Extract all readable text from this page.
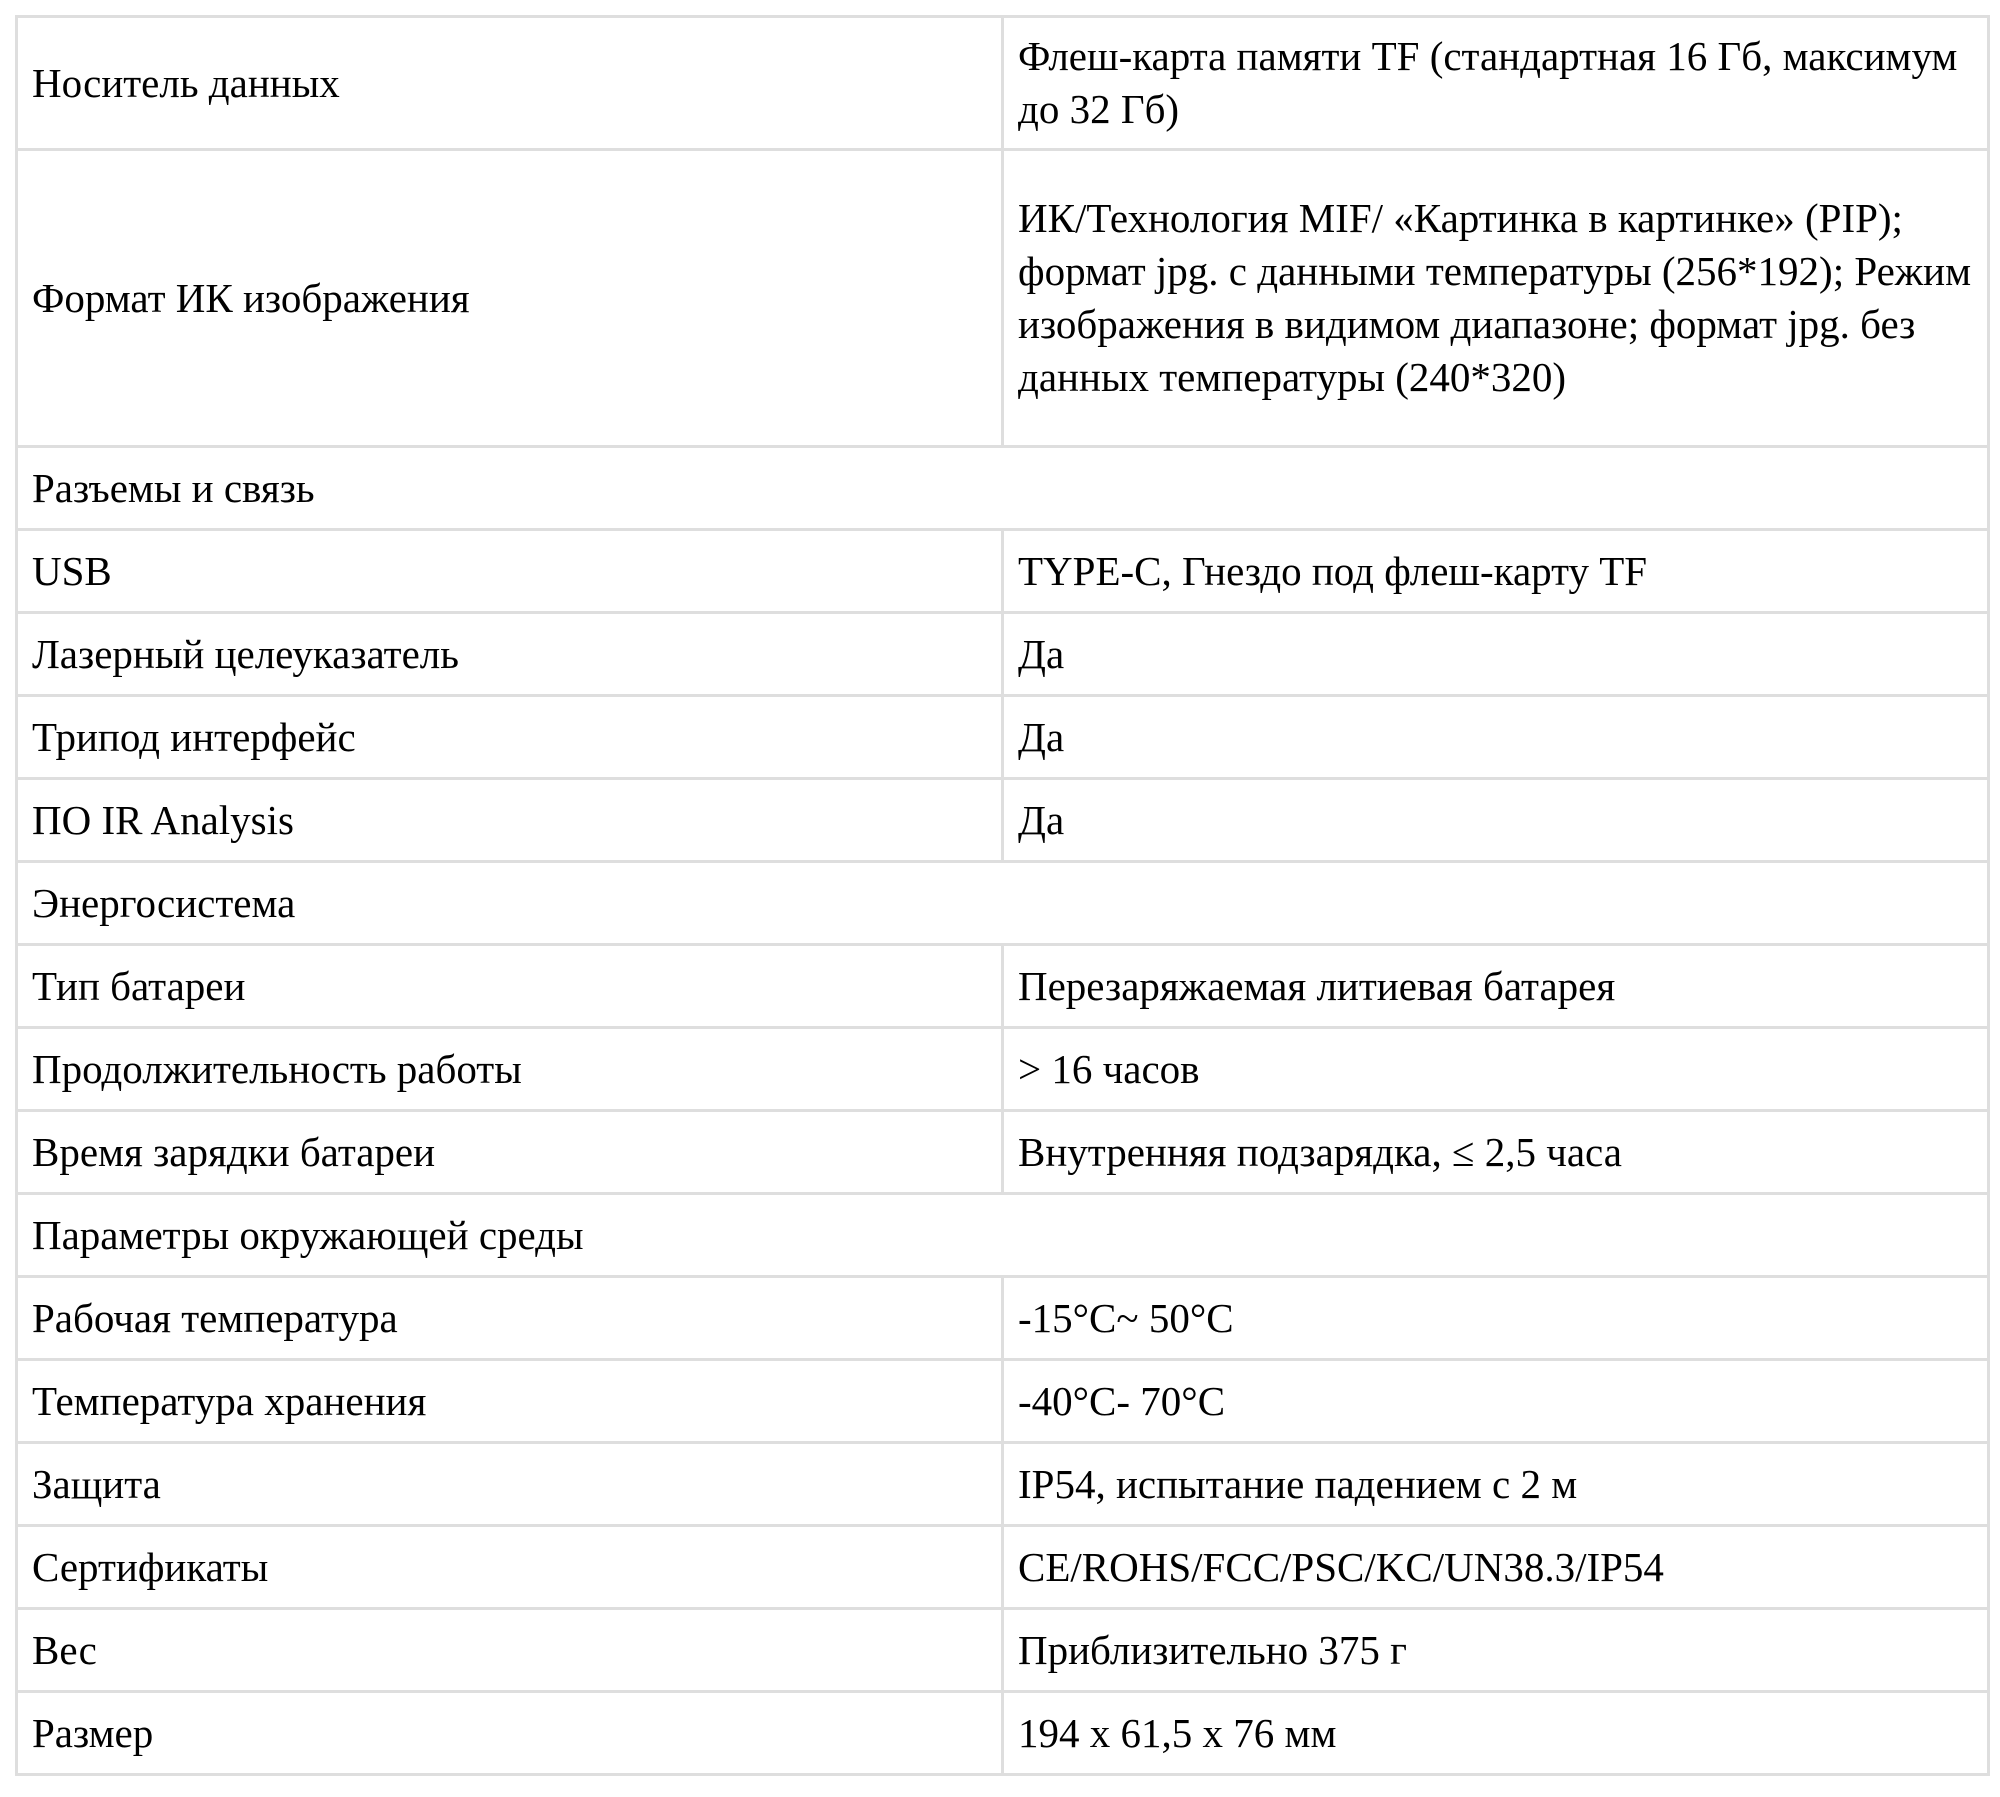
Носитель данных	Флеш-карта памяти TF (стандартная 16 Гб, максимум до 32 Гб)
Формат ИК изображения	ИК/Технология MIF/ «Картинка в картинке» (PIP); формат jpg. с данными температуры (256*192); Режим изображения в видимом диапазоне; формат jpg. без данных температуры (240*320)
Разъемы и связь	
USB	TYPE-C, Гнездо под флеш-карту TF
Лазерный целеуказатель	Да
Трипод интерфейс	Да
ПО IR Analysis	Да
Энергосистема	
Тип батареи	Перезаряжаемая литиевая батарея
Продолжительность работы	> 16 часов
Время зарядки батареи	Внутренняя подзарядка, ≤ 2,5 часа
Параметры окружающей среды	
Рабочая температура	-15°C~ 50°C
Температура хранения	-40°C- 70°C
Защита	IP54, испытание падением с 2 м
Сертификаты	CE/ROHS/FCC/PSC/KC/UN38.3/IP54
Вес	Приблизительно 375 г
Размер	194 x 61,5 x 76 мм
